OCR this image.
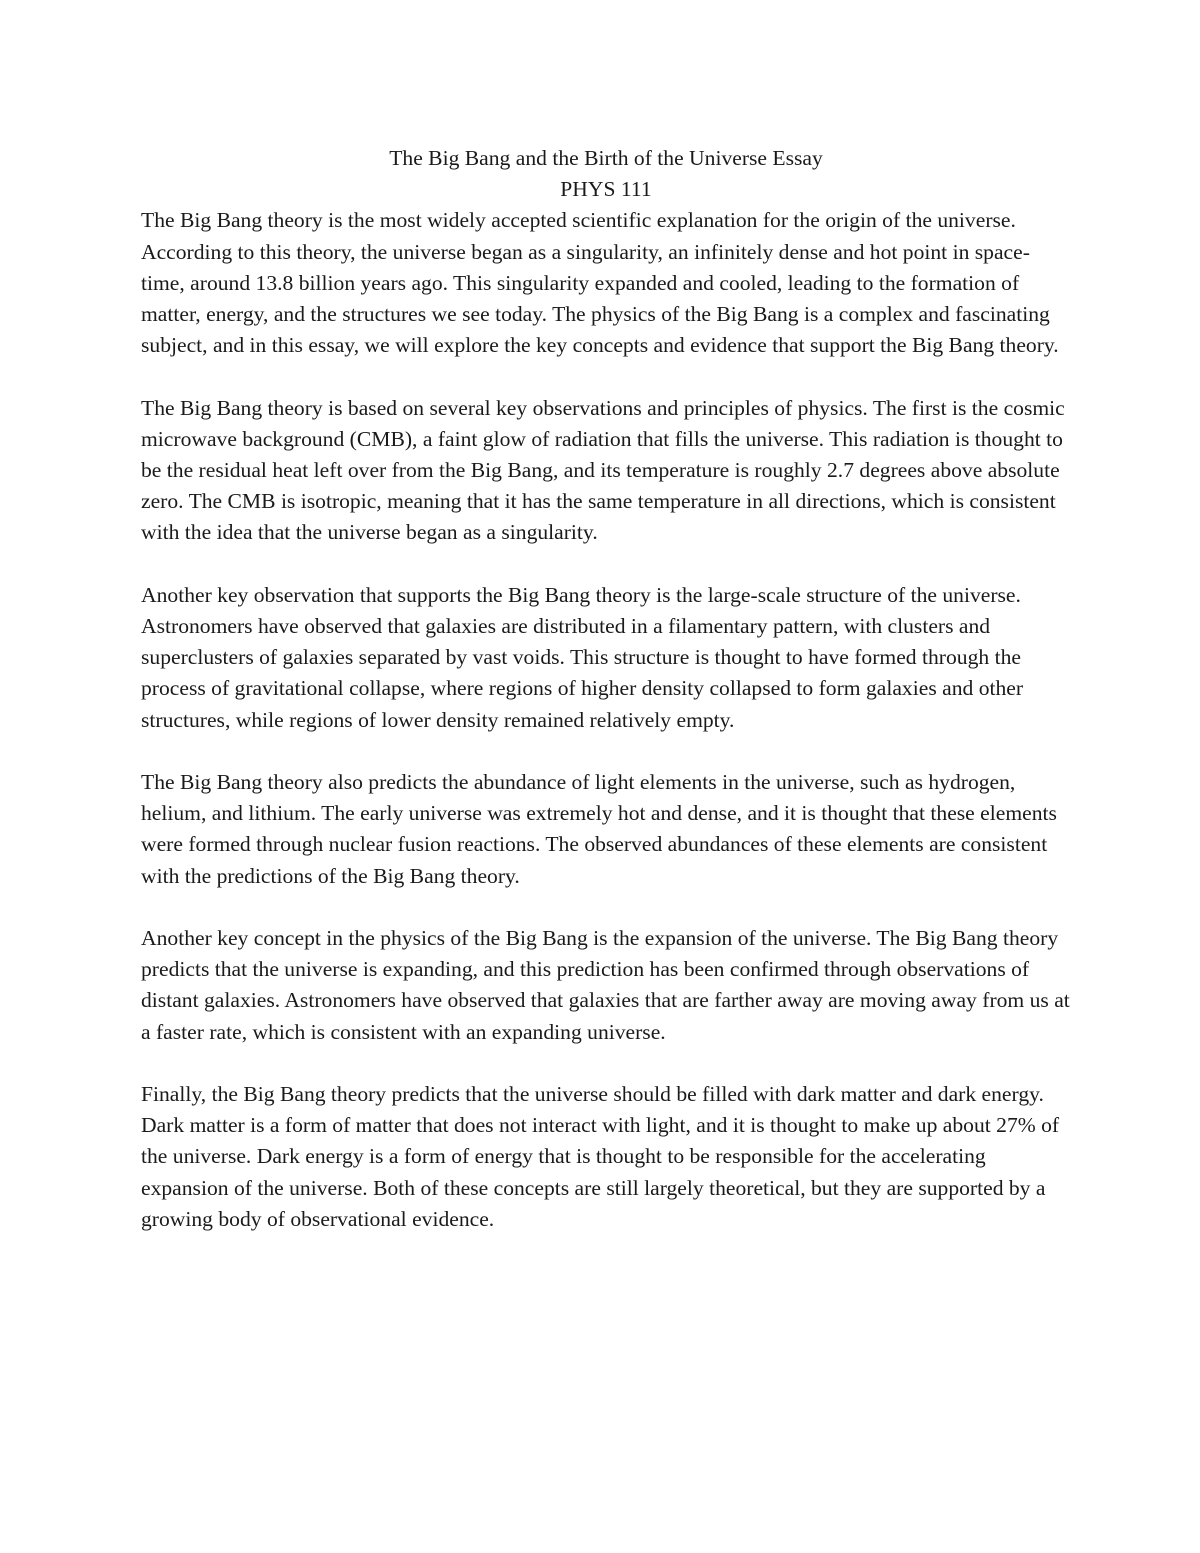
The Big Bang and the Birth of the Universe Essay
PHYS 111

The Big Bang theory is the most widely accepted scientific explanation for the origin of the universe. According to this theory, the universe began as a singularity, an infinitely dense and hot point in space-time, around 13.8 billion years ago. This singularity expanded and cooled, leading to the formation of matter, energy, and the structures we see today. The physics of the Big Bang is a complex and fascinating subject, and in this essay, we will explore the key concepts and evidence that support the Big Bang theory.

The Big Bang theory is based on several key observations and principles of physics. The first is the cosmic microwave background (CMB), a faint glow of radiation that fills the universe. This radiation is thought to be the residual heat left over from the Big Bang, and its temperature is roughly 2.7 degrees above absolute zero. The CMB is isotropic, meaning that it has the same temperature in all directions, which is consistent with the idea that the universe began as a singularity.

Another key observation that supports the Big Bang theory is the large-scale structure of the universe. Astronomers have observed that galaxies are distributed in a filamentary pattern, with clusters and superclusters of galaxies separated by vast voids. This structure is thought to have formed through the process of gravitational collapse, where regions of higher density collapsed to form galaxies and other structures, while regions of lower density remained relatively empty.

The Big Bang theory also predicts the abundance of light elements in the universe, such as hydrogen, helium, and lithium. The early universe was extremely hot and dense, and it is thought that these elements were formed through nuclear fusion reactions. The observed abundances of these elements are consistent with the predictions of the Big Bang theory.

Another key concept in the physics of the Big Bang is the expansion of the universe. The Big Bang theory predicts that the universe is expanding, and this prediction has been confirmed through observations of distant galaxies. Astronomers have observed that galaxies that are farther away are moving away from us at a faster rate, which is consistent with an expanding universe.

Finally, the Big Bang theory predicts that the universe should be filled with dark matter and dark energy. Dark matter is a form of matter that does not interact with light, and it is thought to make up about 27% of the universe. Dark energy is a form of energy that is thought to be responsible for the accelerating expansion of the universe. Both of these concepts are still largely theoretical, but they are supported by a growing body of observational evidence.
